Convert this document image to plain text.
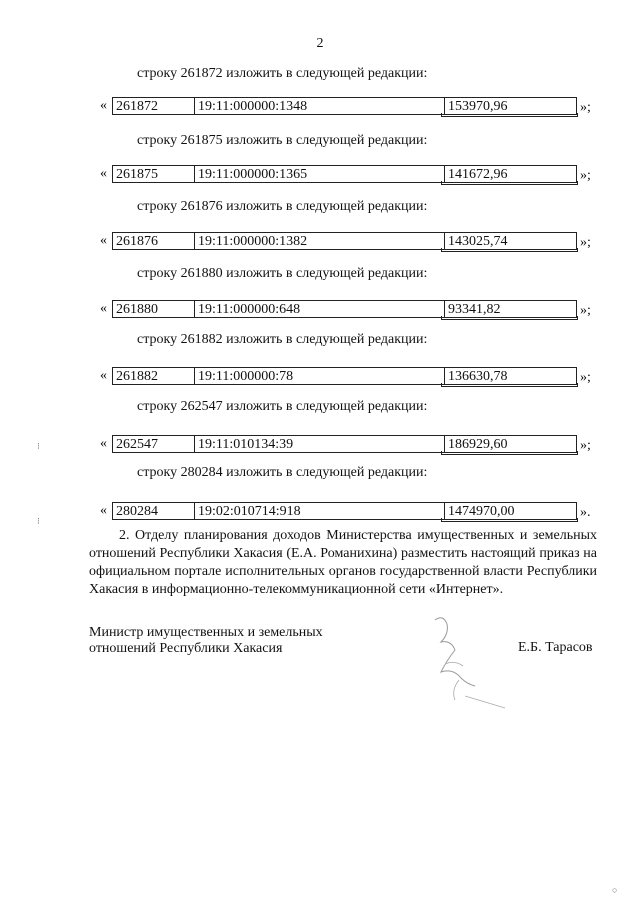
2
строку 261872 изложить в следующей редакции:
« 261872	19:11:000000:1348	153970,96	»;
строку 261875 изложить в следующей редакции:
« 261875	19:11:000000:1365	141672,96	»;
строку 261876 изложить в следующей редакции:
« 261876	19:11:000000:1382	143025,74	»;
строку 261880 изложить в следующей редакции:
« 261880	19:11:000000:648	93341,82	»;
строку 261882 изложить в следующей редакции:
« 261882	19:11:000000:78	136630,78	»;
строку 262547 изложить в следующей редакции:
« 262547	19:11:010134:39	186929,60	»;
строку 280284 изложить в следующей редакции:
« 280284	19:02:010714:918	1474970,00	».
2. Отделу планирования доходов Министерства имущественных и земельных отношений Республики Хакасия (Е.А. Романихина) разместить настоящий приказ на официальном портале исполнительных органов государственной власти Республики Хакасия в информационно-телекоммуникационной сети «Интернет».
Министр имущественных и земельных
отношений Республики Хакасия	Е.Б. Тарасов
⁝
⁝
○
